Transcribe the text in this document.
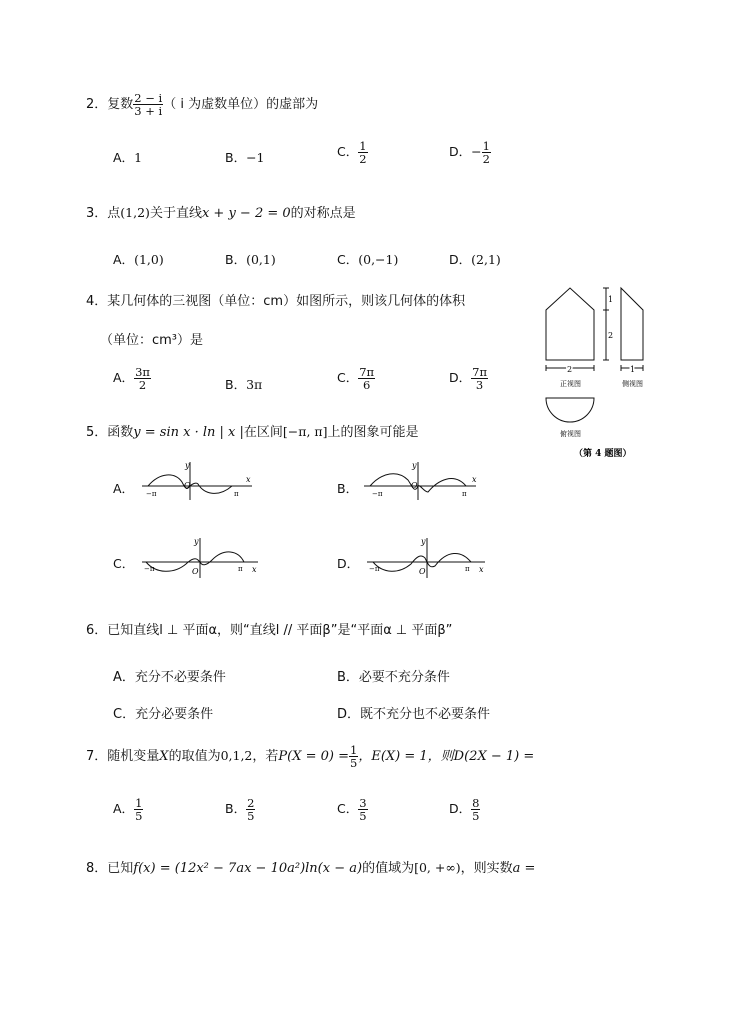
2．复数 $\frac{2 - i}{3 + i}$ （ i 为虚数单位）的虚部为
A．1	B．−1	C． $\frac{1}{2}$	D．− $\frac{1}{2}$
3．点(1,2)关于直线x + y − 2 = 0的对称点是
A．(1,0)	B．(0,1)	C．(0,−1)	D．(2,1)
4．某几何体的三视图（单位：cm）如图所示，则该几何体的体积
（单位：cm³）是
A． $\frac{3\pi}{2}$	B．3π	C． $\frac{7\pi}{6}$	D． $\frac{7\pi}{3}$
1
2
2	1
正视图	侧视图
俯视图
（第 4 题图）
5．函数y = sin x · ln | x |在区间[−π, π]上的图象可能是
A．
y
x
O
−π	π	B．
y
x
O
−π	π
C．
y
x
O
−π	π	D．
y
x
O
−π	π
6．已知直线l ⊥ 平面α，则“直线l // 平面β”是“平面α ⊥ 平面β”
A．充分不必要条件	B．必要不充分条件
C．充分必要条件	D．既不充分也不必要条件
7．随机变量X的取值为0,1,2，若$P(X = 0) = \frac{1}{5}$ ，E(X) = 1，则D(2X − 1) =
A． $\frac{1}{5}$	B． $\frac{2}{5}$	C． $\frac{3}{5}$	D． $\frac{8}{5}$
8．已知f(x) = (12x² − 7ax − 10a²)ln(x − a)的值域为[0, +∞)，则实数a =
